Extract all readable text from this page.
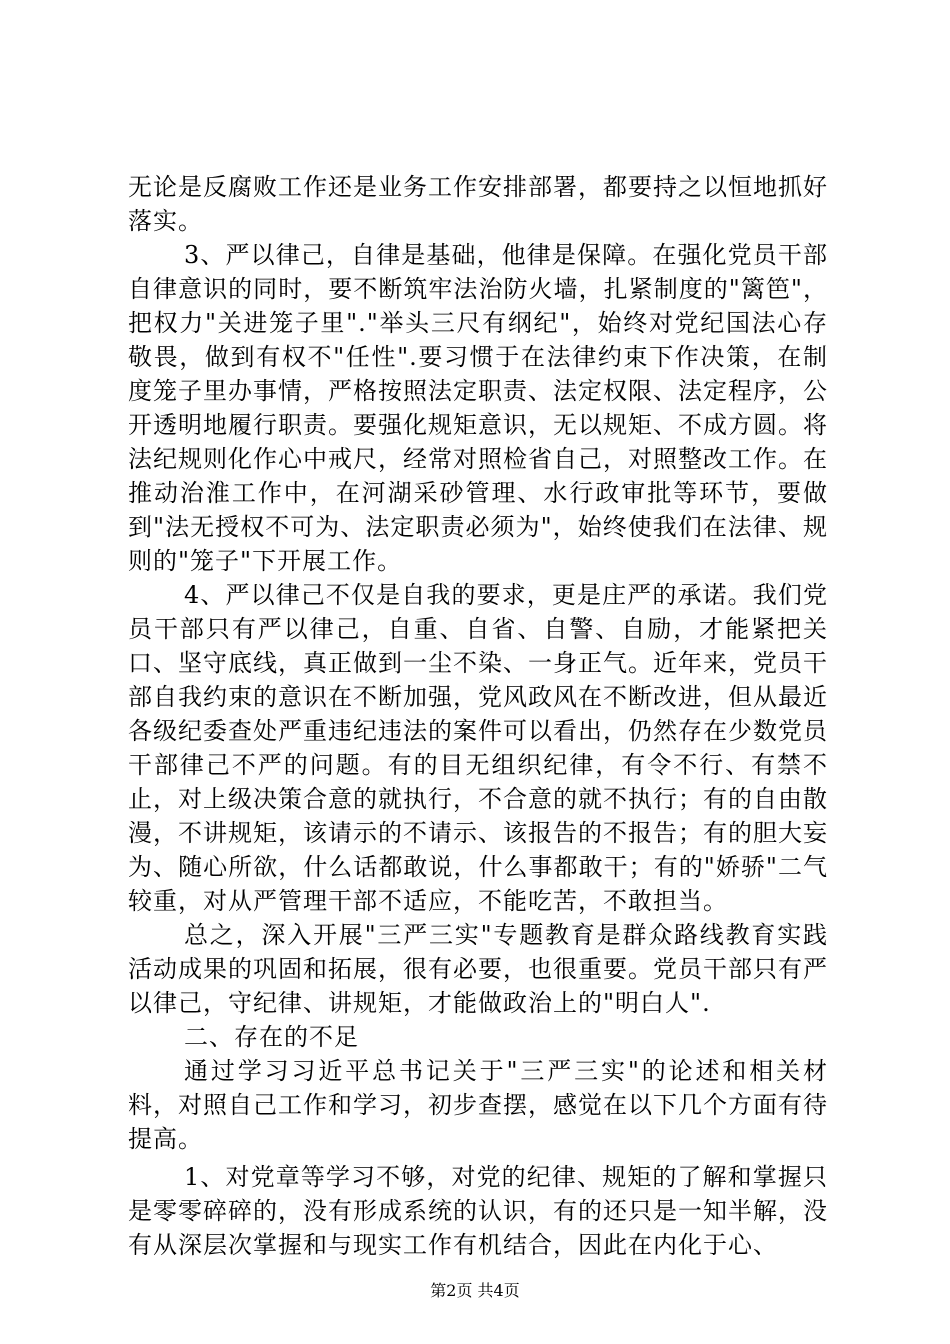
无论是反腐败工作还是业务工作安排部署，都要持之以恒地抓好落实。

3、严以律己，自律是基础，他律是保障。在强化党员干部自律意识的同时，要不断筑牢法治防火墙，扎紧制度的"篱笆"，把权力"关进笼子里"."举头三尺有纲纪"，始终对党纪国法心存敬畏，做到有权不"任性".要习惯于在法律约束下作决策，在制度笼子里办事情，严格按照法定职责、法定权限、法定程序，公开透明地履行职责。要强化规矩意识，无以规矩、不成方圆。将法纪规则化作心中戒尺，经常对照检省自己，对照整改工作。在推动治淮工作中，在河湖采砂管理、水行政审批等环节，要做到"法无授权不可为、法定职责必须为"，始终使我们在法律、规则的"笼子"下开展工作。

4、严以律己不仅是自我的要求，更是庄严的承诺。我们党员干部只有严以律己，自重、自省、自警、自励，才能紧把关口、坚守底线，真正做到一尘不染、一身正气。近年来，党员干部自我约束的意识在不断加强，党风政风在不断改进，但从最近各级纪委查处严重违纪违法的案件可以看出，仍然存在少数党员干部律己不严的问题。有的目无组织纪律，有令不行、有禁不止，对上级决策合意的就执行，不合意的就不执行；有的自由散漫，不讲规矩，该请示的不请示、该报告的不报告；有的胆大妄为、随心所欲，什么话都敢说，什么事都敢干；有的"娇骄"二气较重，对从严管理干部不适应，不能吃苦，不敢担当。

总之，深入开展"三严三实"专题教育是群众路线教育实践活动成果的巩固和拓展，很有必要，也很重要。党员干部只有严以律己，守纪律、讲规矩，才能做政治上的"明白人".

二、存在的不足

通过学习习近平总书记关于"三严三实"的论述和相关材料，对照自己工作和学习，初步查摆，感觉在以下几个方面有待提高。

1、对党章等学习不够，对党的纪律、规矩的了解和掌握只是零零碎碎的，没有形成系统的认识，有的还只是一知半解，没有从深层次掌握和与现实工作有机结合，因此在内化于心、

第2页 共4页
